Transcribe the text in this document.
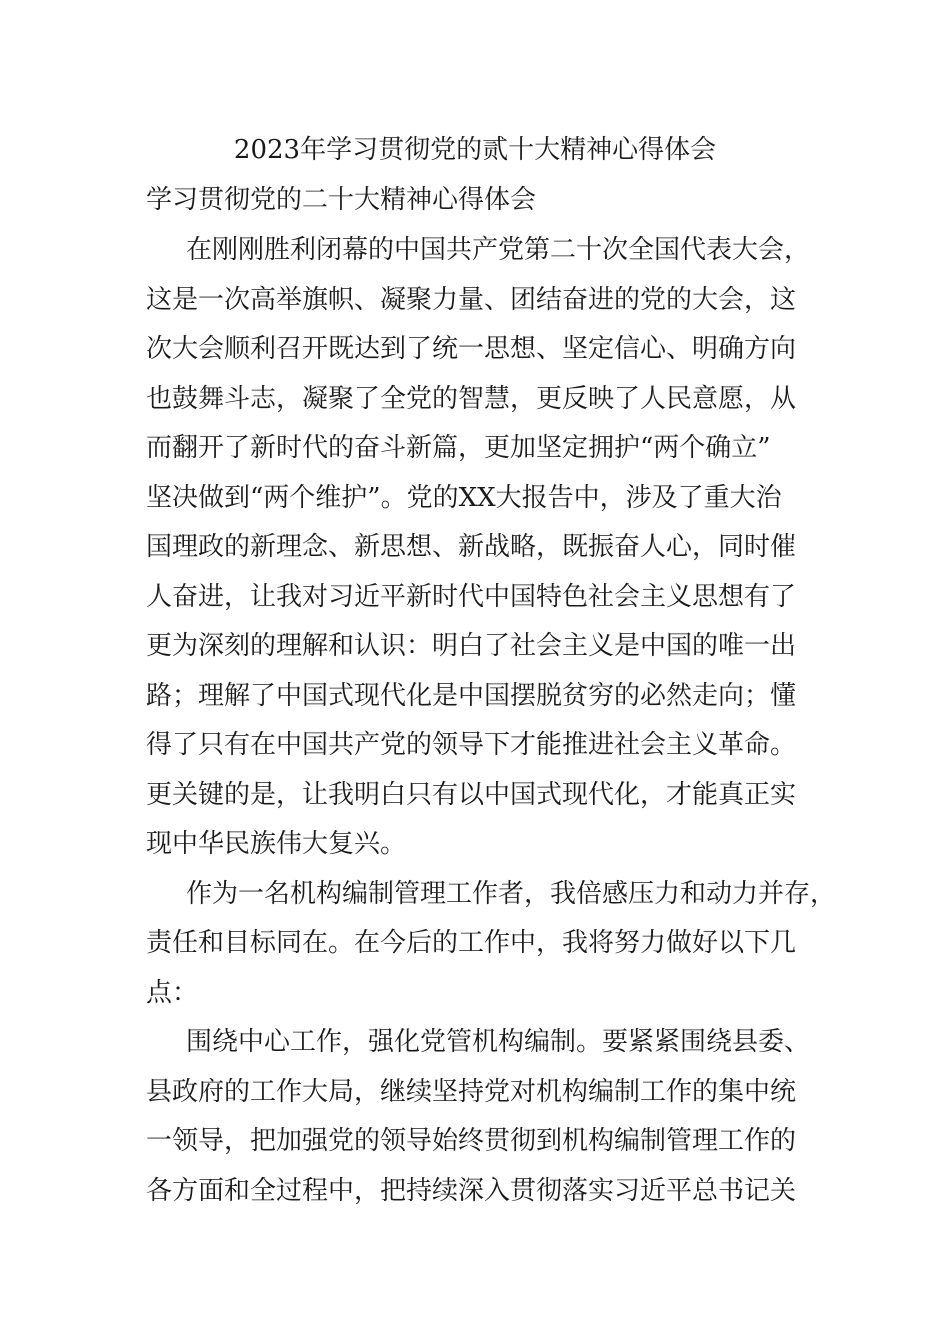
2023年学习贯彻党的贰十大精神心得体会
学习贯彻党的二十大精神心得体会
在刚刚胜利闭幕的中国共产党第二十次全国代表大会，
这是一次高举旗帜、凝聚力量、团结奋进的党的大会，这
次大会顺利召开既达到了统一思想、坚定信心、明确方向
也鼓舞斗志，凝聚了全党的智慧，更反映了人民意愿，从
而翻开了新时代的奋斗新篇，更加坚定拥护“两个确立”
坚决做到“两个维护”。党的XX大报告中，涉及了重大治
国理政的新理念、新思想、新战略，既振奋人心，同时催
人奋进，让我对习近平新时代中国特色社会主义思想有了
更为深刻的理解和认识：明白了社会主义是中国的唯一出
路；理解了中国式现代化是中国摆脱贫穷的必然走向；懂
得了只有在中国共产党的领导下才能推进社会主义革命。
更关键的是，让我明白只有以中国式现代化，才能真正实
现中华民族伟大复兴。
作为一名机构编制管理工作者，我倍感压力和动力并存，
责任和目标同在。在今后的工作中，我将努力做好以下几
点：
围绕中心工作，强化党管机构编制。要紧紧围绕县委、
县政府的工作大局，继续坚持党对机构编制工作的集中统
一领导，把加强党的领导始终贯彻到机构编制管理工作的
各方面和全过程中，把持续深入贯彻落实习近平总书记关
